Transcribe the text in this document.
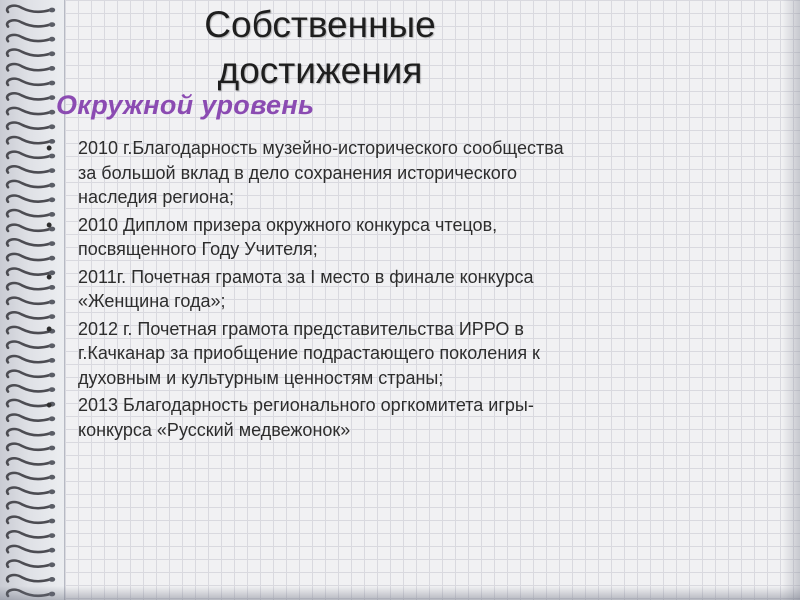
Собственные достижения
Окружной уровень
•	2010 г.Благодарность музейно-исторического сообщества за большой вклад в дело сохранения исторического наследия региона;
•	2010 Диплом призера окружного конкурса чтецов, посвященного Году Учителя;
•	2011г. Почетная грамота за I место в финале конкурса «Женщина года»;
•	2012 г. Почетная грамота представительства ИРРО в г.Качканар за приобщение подрастающего поколения к духовным и культурным ценностям страны;
•	2013 Благодарность регионального оргкомитета игры-конкурса «Русский медвежонок»
